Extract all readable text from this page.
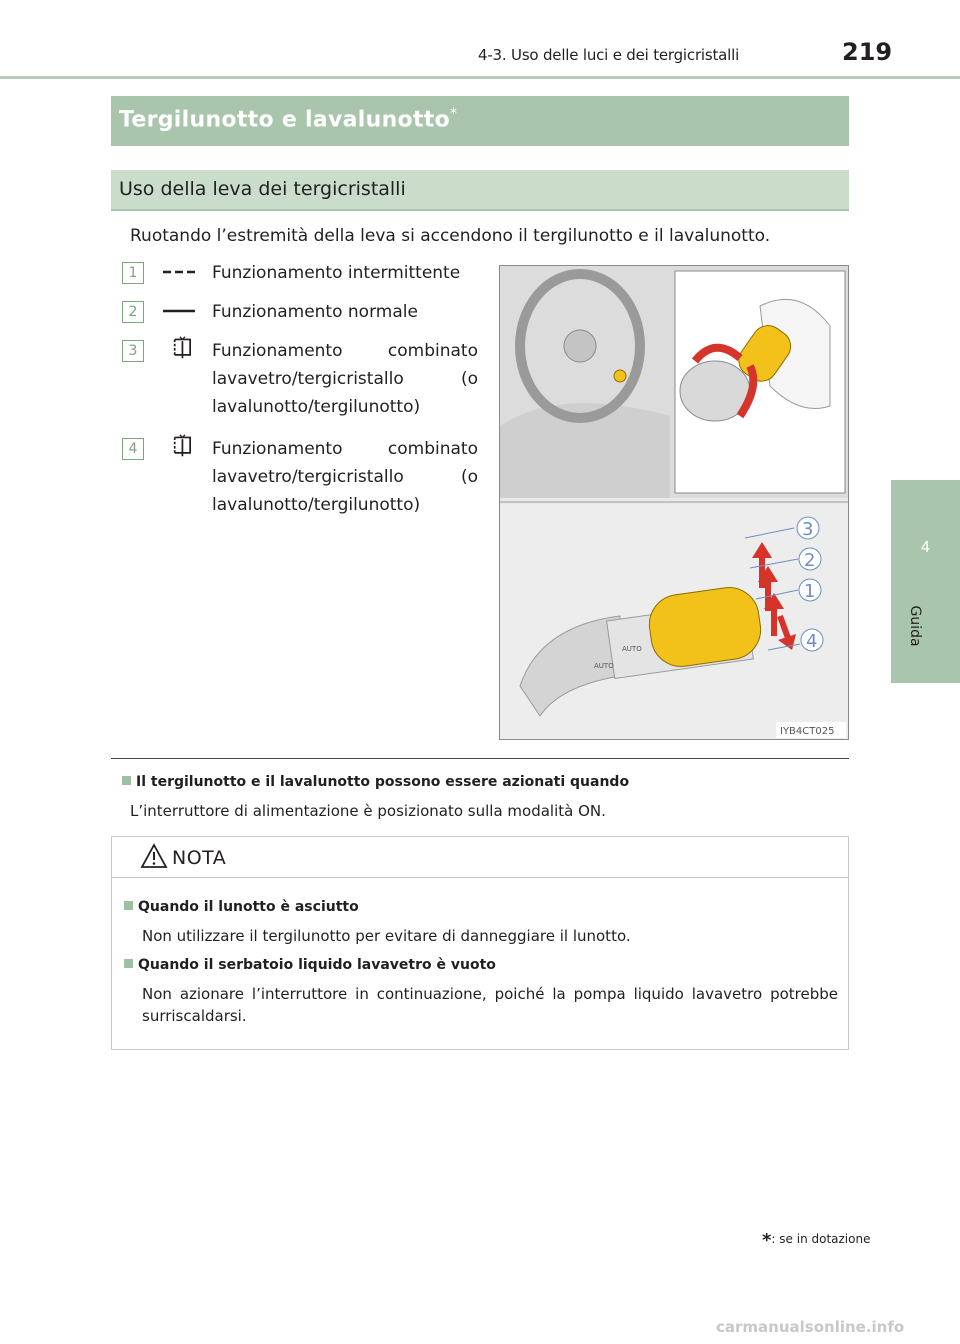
4-3. Uso delle luci e dei tergicristalli	219
4
Guida
Tergilunotto e lavalunotto*
Uso della leva dei tergicristalli
Ruotando l’estremità della leva si accendono il tergilunotto e il lavalunotto.
1	Funzionamento intermittente
2	Funzionamento normale
3	Funzionamento combinato lavavetro/tergicristallo (o lavalunotto/tergilunotto)
4	Funzionamento combinato lavavetro/tergicristallo (o lavalunotto/tergilunotto)
AUTO
AUTO
3
2
1
4
IYB4CT025
Il tergilunotto e il lavalunotto possono essere azionati quando
L’interruttore di alimentazione è posizionato sulla modalità ON.
NOTA
Quando il lunotto è asciutto
Non utilizzare il tergilunotto per evitare di danneggiare il lunotto.
Quando il serbatoio liquido lavavetro è vuoto
Non azionare l’interruttore in continuazione, poiché la pompa liquido lavavetro potrebbe surriscaldarsi.
*: se in dotazione
carmanualsonline.info
